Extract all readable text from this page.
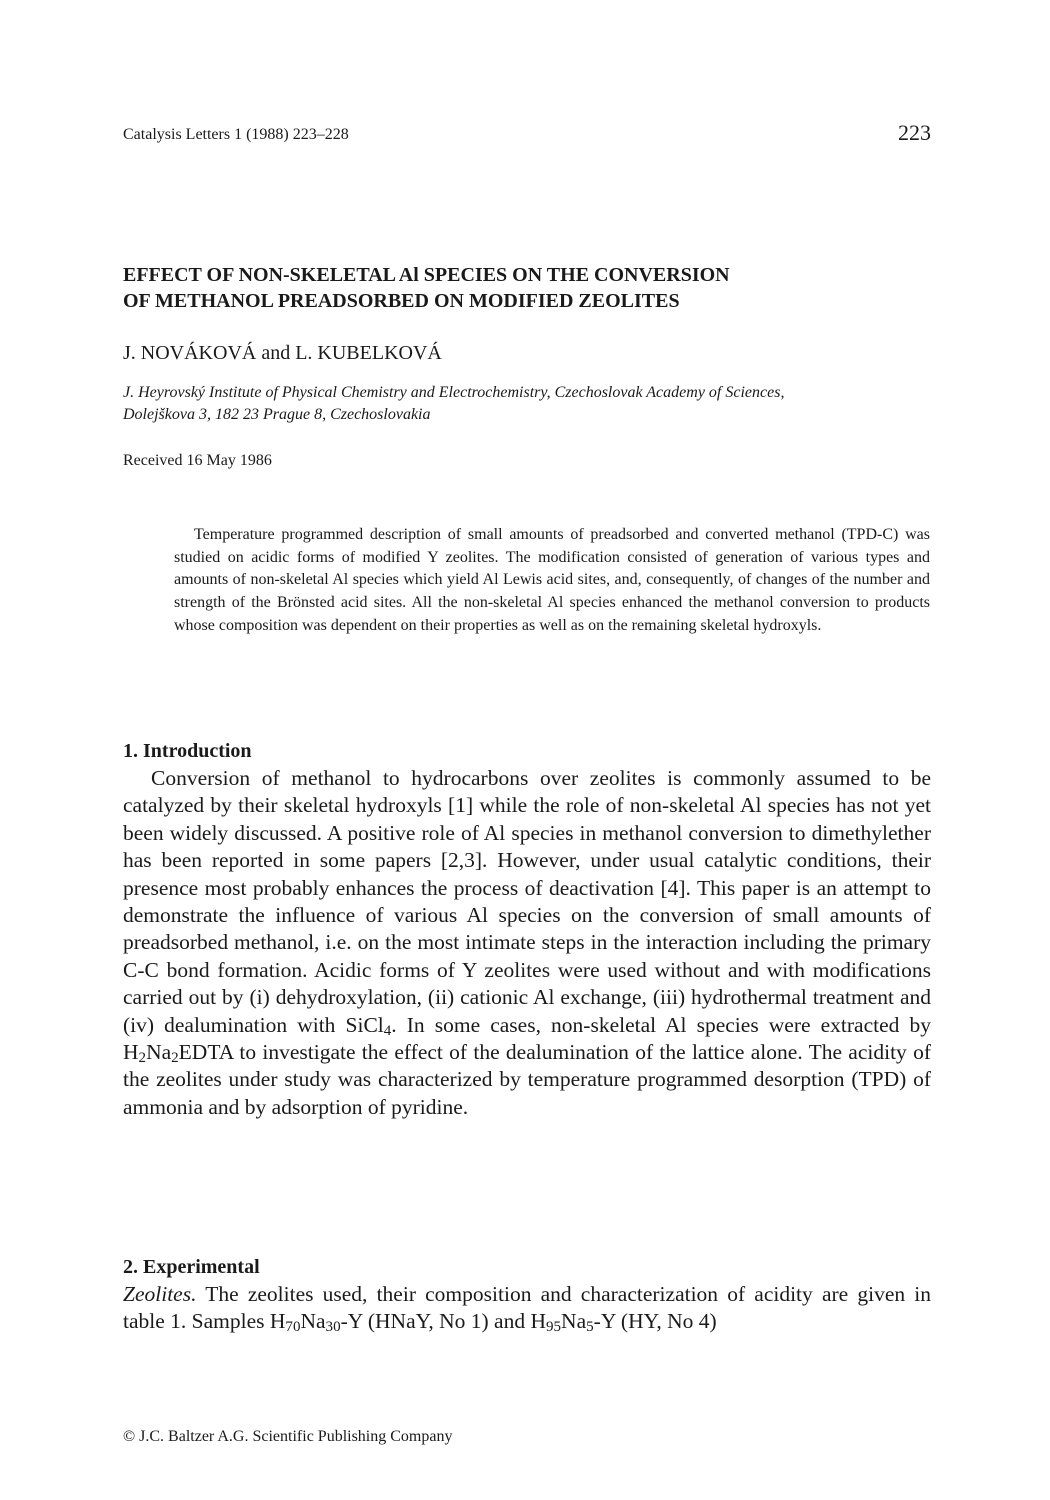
Catalysis Letters 1 (1988) 223–228	223
EFFECT OF NON-SKELETAL Al SPECIES ON THE CONVERSION
OF METHANOL PREADSORBED ON MODIFIED ZEOLITES
J. NOVÁKOVÁ and L. KUBELKOVÁ
J. Heyrovský Institute of Physical Chemistry and Electrochemistry, Czechoslovak Academy of Sciences,
Dolejškova 3, 182 23 Prague 8, Czechoslovakia
Received 16 May 1986
Temperature programmed description of small amounts of preadsorbed and converted methanol (TPD-C) was studied on acidic forms of modified Y zeolites. The modification consisted of generation of various types and amounts of non-skeletal Al species which yield Al Lewis acid sites, and, consequently, of changes of the number and strength of the Brönsted acid sites. All the non-skeletal Al species enhanced the methanol conversion to products whose composition was dependent on their properties as well as on the remaining skeletal hydroxyls.
1. Introduction
Conversion of methanol to hydrocarbons over zeolites is commonly assumed to be catalyzed by their skeletal hydroxyls [1] while the role of non-skeletal Al species has not yet been widely discussed. A positive role of Al species in methanol conversion to dimethylether has been reported in some papers [2,3]. However, under usual catalytic conditions, their presence most probably enhances the process of deactivation [4]. This paper is an attempt to demonstrate the influence of various Al species on the conversion of small amounts of preadsorbed methanol, i.e. on the most intimate steps in the interaction including the primary C-C bond formation. Acidic forms of Y zeolites were used without and with modifications carried out by (i) dehydroxylation, (ii) cationic Al exchange, (iii) hydrothermal treatment and (iv) dealumination with SiCl$_4$. In some cases, non-skeletal Al species were extracted by $H_2Na_2EDTA$ to investigate the effect of the dealumination of the lattice alone. The acidity of the zeolites under study was characterized by temperature programmed desorption (TPD) of ammonia and by adsorption of pyridine.
2. Experimental
Zeolites. The zeolites used, their composition and characterization of acidity are given in table 1. Samples $H_{70}Na_{30}-Y$ (HNaY, No 1) and $H_{95}Na_5-Y$ (HY, No 4)
© J.C. Baltzer A.G. Scientific Publishing Company
